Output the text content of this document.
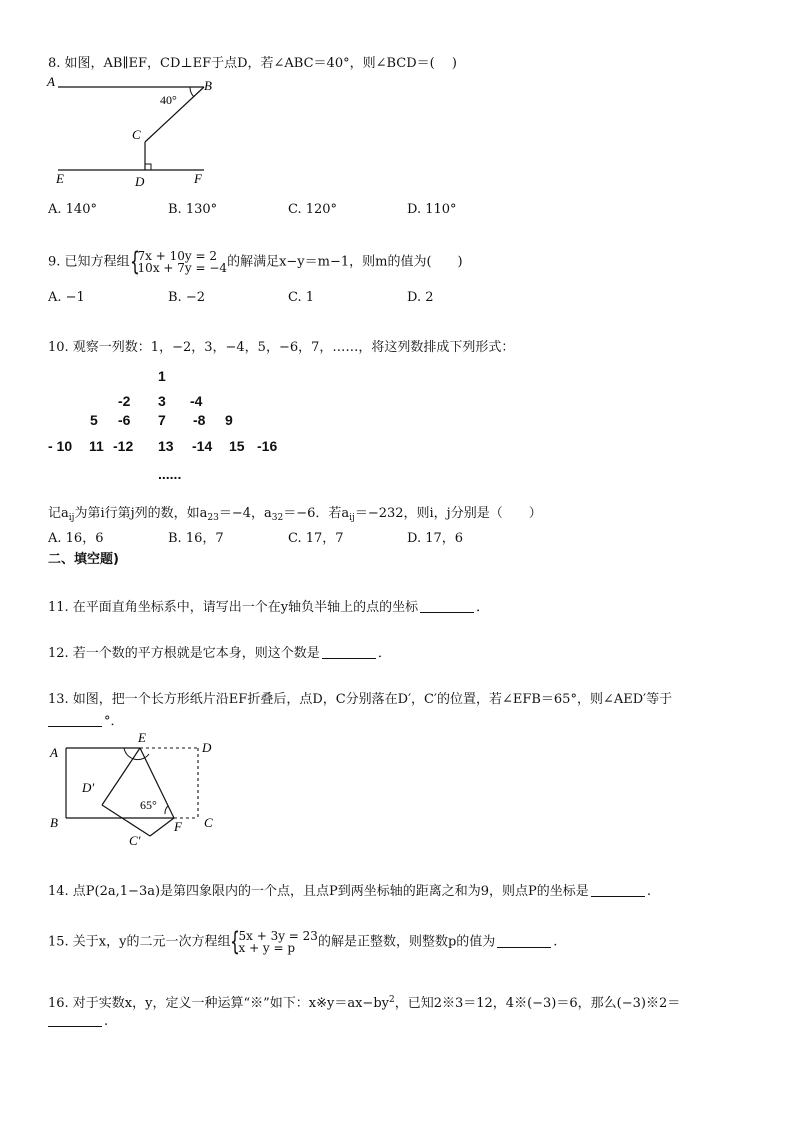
8. 如图，AB∥EF，CD⊥EF于点D，若∠ABC＝40°，则∠BCD＝(　 )
A	B
C
D
E	F
40°
A. 140°	B. 130°	C. 120°	D. 110°
9. 已知方程组 {
7x + 10y = 2
10x + 7y = −4 的解满足x−y＝m−1，则m的值为(　　)
A. −1	B. −2	C. 1	D. 2
10. 观察一列数：1，−2，3，−4，5，−6，7，……，将这列数排成下列形式：
1
-2 3 -4
5 -6 7 -8 9
- 10 11 -12 13 -14 15 -16
......
记$a_{ij}$为第i行第j列的数，如$a_{23}=-4$，$a_{32}=-6$．若$a_{ij}=-232$，则i，j分别是（　　）
A. 16，6	B. 16，7	C. 17，7	D. 17，6
二、填空题)
11. 在平面直角坐标系中，请写出一个在y轴负半轴上的点的坐标	．
12. 若一个数的平方根就是它本身，则这个数是	．
13. 如图，把一个长方形纸片沿EF折叠后，点D，C分别落在D′，C′的位置，若∠EFB＝65°，则∠AED′等于
°．
A
B	C
D
E
F
D′
C′
65°
14. 点P(2a,1−3a)是第四象限内的一个点，且点P到两坐标轴的距离之和为9，则点P的坐标是	.
15. 关于x，y的二元一次方程组 {
5x + 3y = 23
x + y = p	的解是正整数，则整数p的值为	.
16. 对于实数x，y，定义一种运算“※”如下：$x※y=ax-by^2$，已知2※3＝12，4※(−3)＝6，那么(−3)※2＝
.
